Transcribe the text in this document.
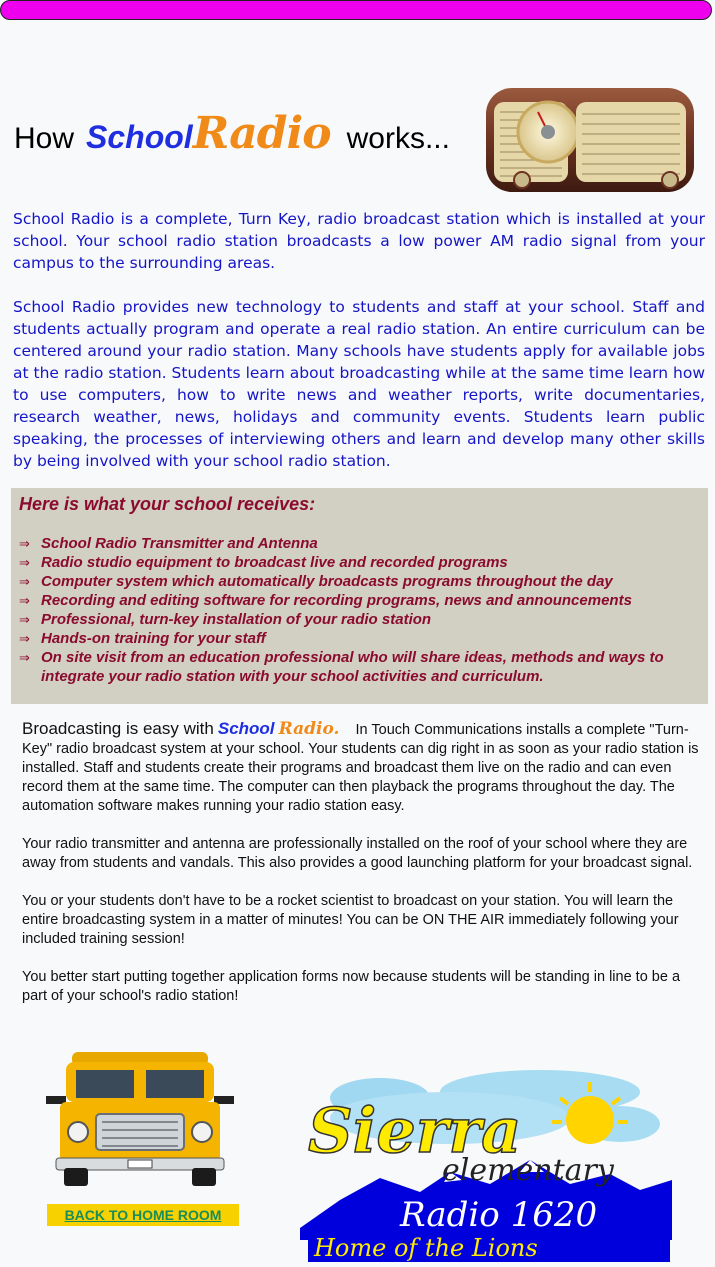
How SchoolRadio works...

School Radio is a complete, Turn Key, radio broadcast station which is installed at your school. Your school radio station broadcasts a low power AM radio signal from your campus to the surrounding areas.

School Radio provides new technology to students and staff at your school. Staff and students actually program and operate a real radio station. An entire curriculum can be centered around your radio station. Many schools have students apply for available jobs at the radio station. Students learn about broadcasting while at the same time learn how to use computers, how to write news and weather reports, write documentaries, research weather, news, holidays and community events. Students learn public speaking, the processes of interviewing others and learn and develop many other skills by being involved with your school radio station.

Here is what your school receives:
⇒ School Radio Transmitter and Antenna
⇒ Radio studio equipment to broadcast live and recorded programs
⇒ Computer system which automatically broadcasts programs throughout the day
⇒ Recording and editing software for recording programs, news and announcements
⇒ Professional, turn-key installation of your radio station
⇒ Hands-on training for your staff
⇒ On site visit from an education professional who will share ideas, methods and ways to integrate your radio station with your school activities and curriculum.

Broadcasting is easy with School Radio. In Touch Communications installs a complete "Turn-Key" radio broadcast system at your school. Your students can dig right in as soon as your radio station is installed. Staff and students create their programs and broadcast them live on the radio and can even record them at the same time. The computer can then playback the programs throughout the day. The automation software makes running your radio station easy.

Your radio transmitter and antenna are professionally installed on the roof of your school where they are away from students and vandals. This also provides a good launching platform for your broadcast signal.

You or your students don't have to be a rocket scientist to broadcast on your station. You will learn the entire broadcasting system in a matter of minutes! You can be ON THE AIR immediately following your included training session!

You better start putting together application forms now because students will be standing in line to be a part of your school's radio station!

BACK TO HOME ROOM
Sierra
elementary
Radio 1620
Home of the Lions
